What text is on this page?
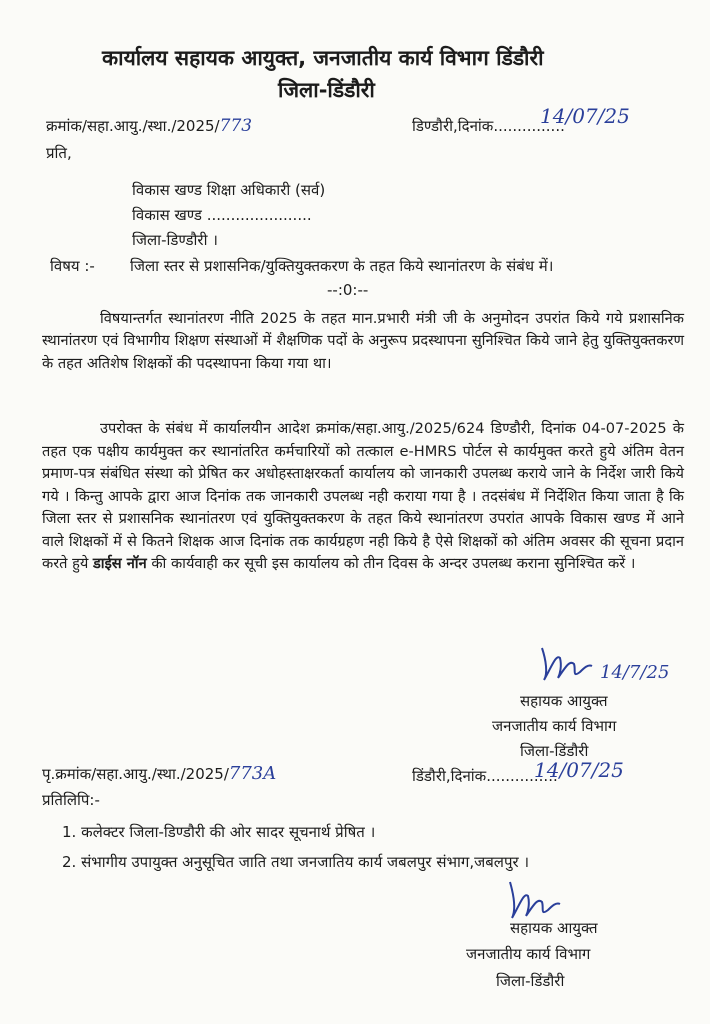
कार्यालय सहायक आयुक्त, जनजातीय कार्य विभाग डिंडौरी
जिला-डिंडौरी
क्रमांक/सहा.आयु./स्था./2025/773	डिण्डौरी,दिनांक...............
14/07/25
प्रति,
विकास खण्ड शिक्षा अधिकारी (सर्व)
विकास खण्ड ......................
जिला-डिण्डौरी ।
विषय :- जिला स्तर से प्रशासनिक/युक्तियुक्तकरण के तहत किये स्थानांतरण के संबंध में।
--:0:--
विषयान्तर्गत स्थानांतरण नीति 2025 के तहत मान.प्रभारी मंत्री जी के अनुमोदन उपरांत किये गये प्रशासनिक स्थानांतरण एवं विभागीय शिक्षण संस्थाओं में शैक्षणिक पदों के अनुरूप प्रदस्थापना सुनिश्चित किये जाने हेतु युक्तियुक्तकरण के तहत अतिशेष शिक्षकों की पदस्थापना किया गया था।
उपरोक्त के संबंध में कार्यालयीन आदेश क्रमांक/सहा.आयु./2025/624 डिण्डौरी, दिनांक 04-07-2025 के तहत एक पक्षीय कार्यमुक्त कर स्थानांतरित कर्मचारियों को तत्काल e-HMRS पोर्टल से कार्यमुक्त करते हुये अंतिम वेतन प्रमाण-पत्र संबंधित संस्था को प्रेषित कर अधोहस्ताक्षरकर्ता कार्यालय को जानकारी उपलब्ध कराये जाने के निर्देश जारी किये गये । किन्तु आपके द्वारा आज दिनांक तक जानकारी उपलब्ध नही कराया गया है । तदसंबंध में निर्देशित किया जाता है कि जिला स्तर से प्रशासनिक स्थानांतरण एवं युक्तियुक्तकरण के तहत किये स्थानांतरण उपरांत आपके विकास खण्ड में आने वाले शिक्षकों में से कितने शिक्षक आज दिनांक तक कार्यग्रहण नही किये है ऐसे शिक्षकों को अंतिम अवसर की सूचना प्रदान करते हुये डाईस नॉन की कार्यवाही कर सूची इस कार्यालय को तीन दिवस के अन्दर उपलब्ध कराना सुनिश्चित करें ।
14/7/25
सहायक आयुक्त
जनजातीय कार्य विभाग
जिला-डिंडौरी
पृ.क्रमांक/सहा.आयु./स्था./2025/773A	डिंडौरी,दिनांक...............
14/07/25
प्रतिलिपि:-
1. कलेक्टर जिला-डिण्डौरी की ओर सादर सूचनार्थ प्रेषित ।
2. संभागीय उपायुक्त अनुसूचित जाति तथा जनजातिय कार्य जबलपुर संभाग,जबलपुर ।
सहायक आयुक्त
जनजातीय कार्य विभाग
जिला-डिंडौरी
